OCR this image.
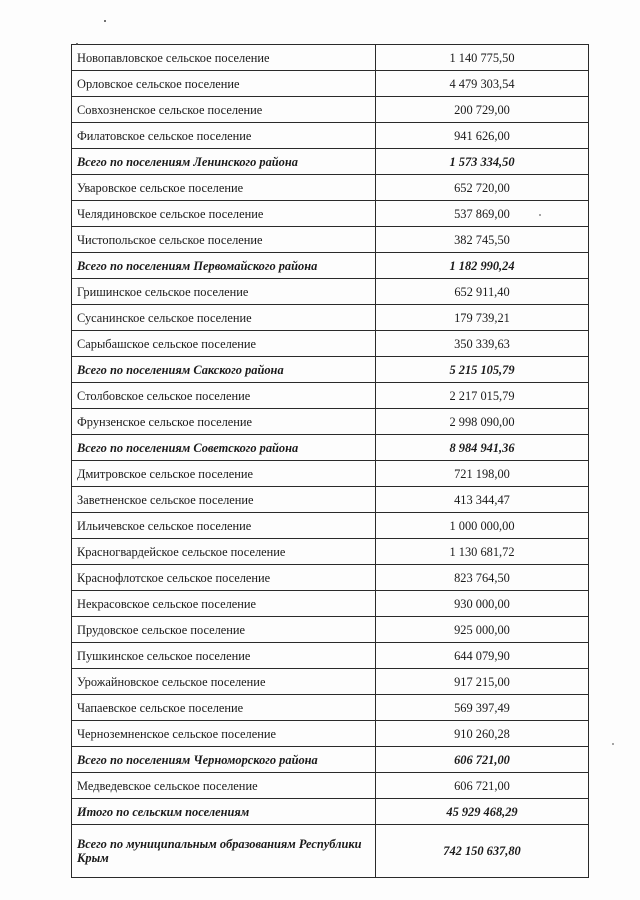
Новопавловское сельское поселение	1 140 775,50
Орловское сельское поселение	4 479 303,54
Совхозненское сельское поселение	200 729,00
Филатовское сельское поселение	941 626,00
Всего по поселениям Ленинского района	1 573 334,50
Уваровское сельское поселение	652 720,00
Челядиновское сельское поселение	537 869,00
Чистопольское сельское поселение	382 745,50
Всего по поселениям Первомайского района	1 182 990,24
Гришинское сельское поселение	652 911,40
Сусанинское сельское поселение	179 739,21
Сарыбашское сельское поселение	350 339,63
Всего по поселениям Сакского района	5 215 105,79
Столбовское сельское поселение	2 217 015,79
Фрунзенское сельское поселение	2 998 090,00
Всего по поселениям Советского района	8 984 941,36
Дмитровское сельское поселение	721 198,00
Заветненское сельское поселение	413 344,47
Ильичевское сельское поселение	1 000 000,00
Красногвардейское сельское поселение	1 130 681,72
Краснофлотское сельское поселение	823 764,50
Некрасовское сельское поселение	930 000,00
Прудовское сельское поселение	925 000,00
Пушкинское сельское поселение	644 079,90
Урожайновское сельское поселение	917 215,00
Чапаевское сельское поселение	569 397,49
Черноземненское сельское поселение	910 260,28
Всего по поселениям Черноморского района	606 721,00
Медведевское сельское поселение	606 721,00
Итого по сельским поселениям	45 929 468,29
Всего по муниципальным образованиям Республики Крым	742 150 637,80
